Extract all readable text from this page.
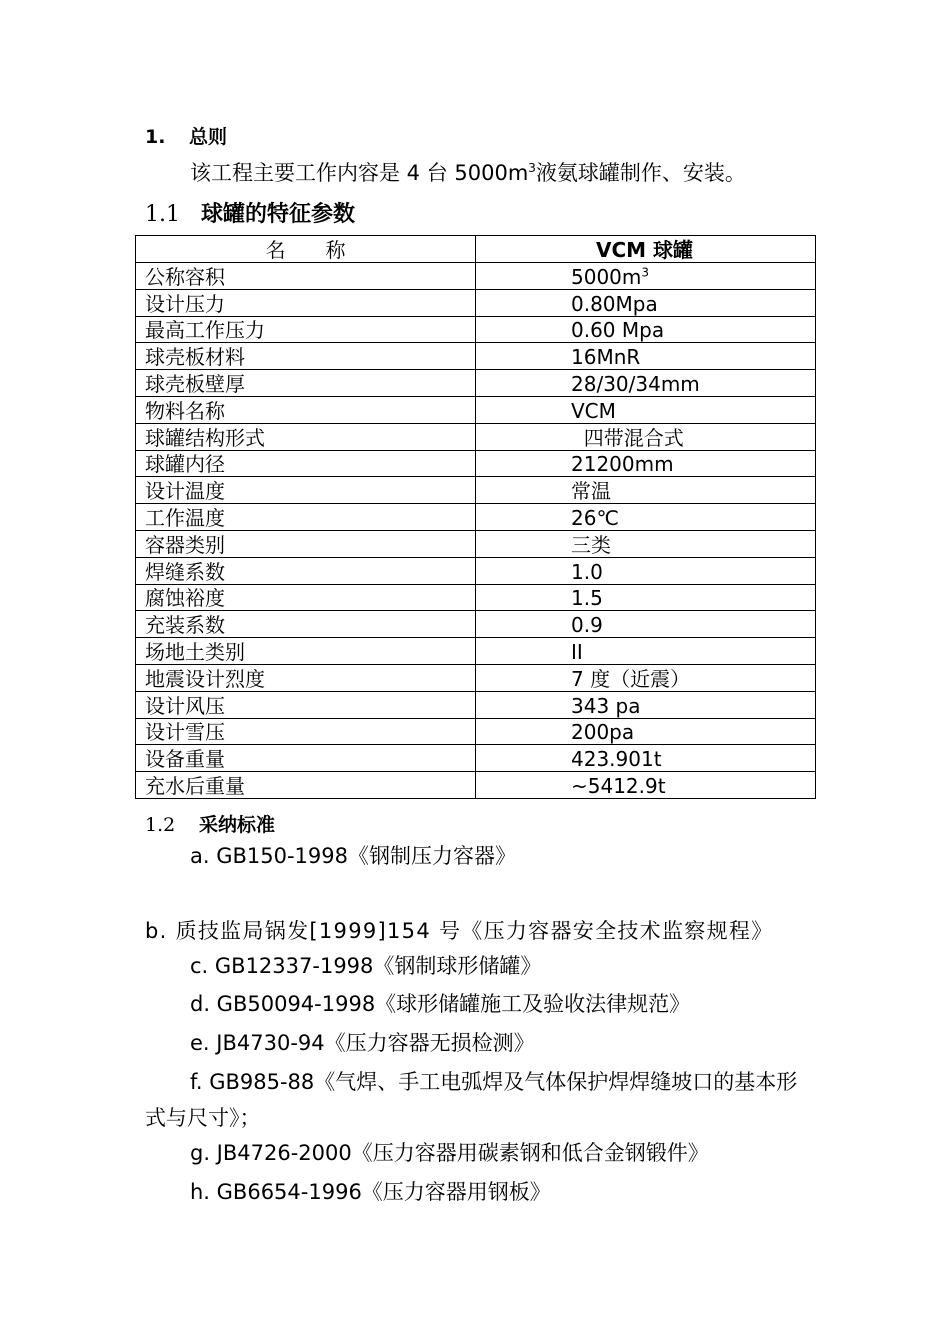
1. 总则
该工程主要工作内容是 4 台 $5000m^3$液氨球罐制作、安装。
1.1 球罐的特征参数
名　　称	VCM 球罐
公称容积	$5000m^3$
设计压力	0.80Mpa
最高工作压力	0.60 Mpa
球壳板材料	16MnR
球壳板壁厚	28/30/34mm
物料名称	VCM
球罐结构形式	四带混合式
球罐内径	21200mm
设计温度	常温
工作温度	26℃
容器类别	三类
焊缝系数	1.0
腐蚀裕度	1.5
充装系数	0.9
场地土类别	II
地震设计烈度	7 度（近震）
设计风压	343 pa
设计雪压	200pa
设备重量	423.901t
充水后重量	~5412.9t
1.2 采纳标准
a. GB150-1998《钢制压力容器》
b. 质技监局锅发[1999]154 号《压力容器安全技术监察规程》
c. GB12337-1998《钢制球形储罐》
d. GB50094-1998《球形储罐施工及验收法律规范》
e. JB4730-94《压力容器无损检测》
f. GB985-88《气焊、手工电弧焊及气体保护焊焊缝坡口的基本形式与尺寸》；
g. JB4726-2000《压力容器用碳素钢和低合金钢锻件》
h. GB6654-1996《压力容器用钢板》
